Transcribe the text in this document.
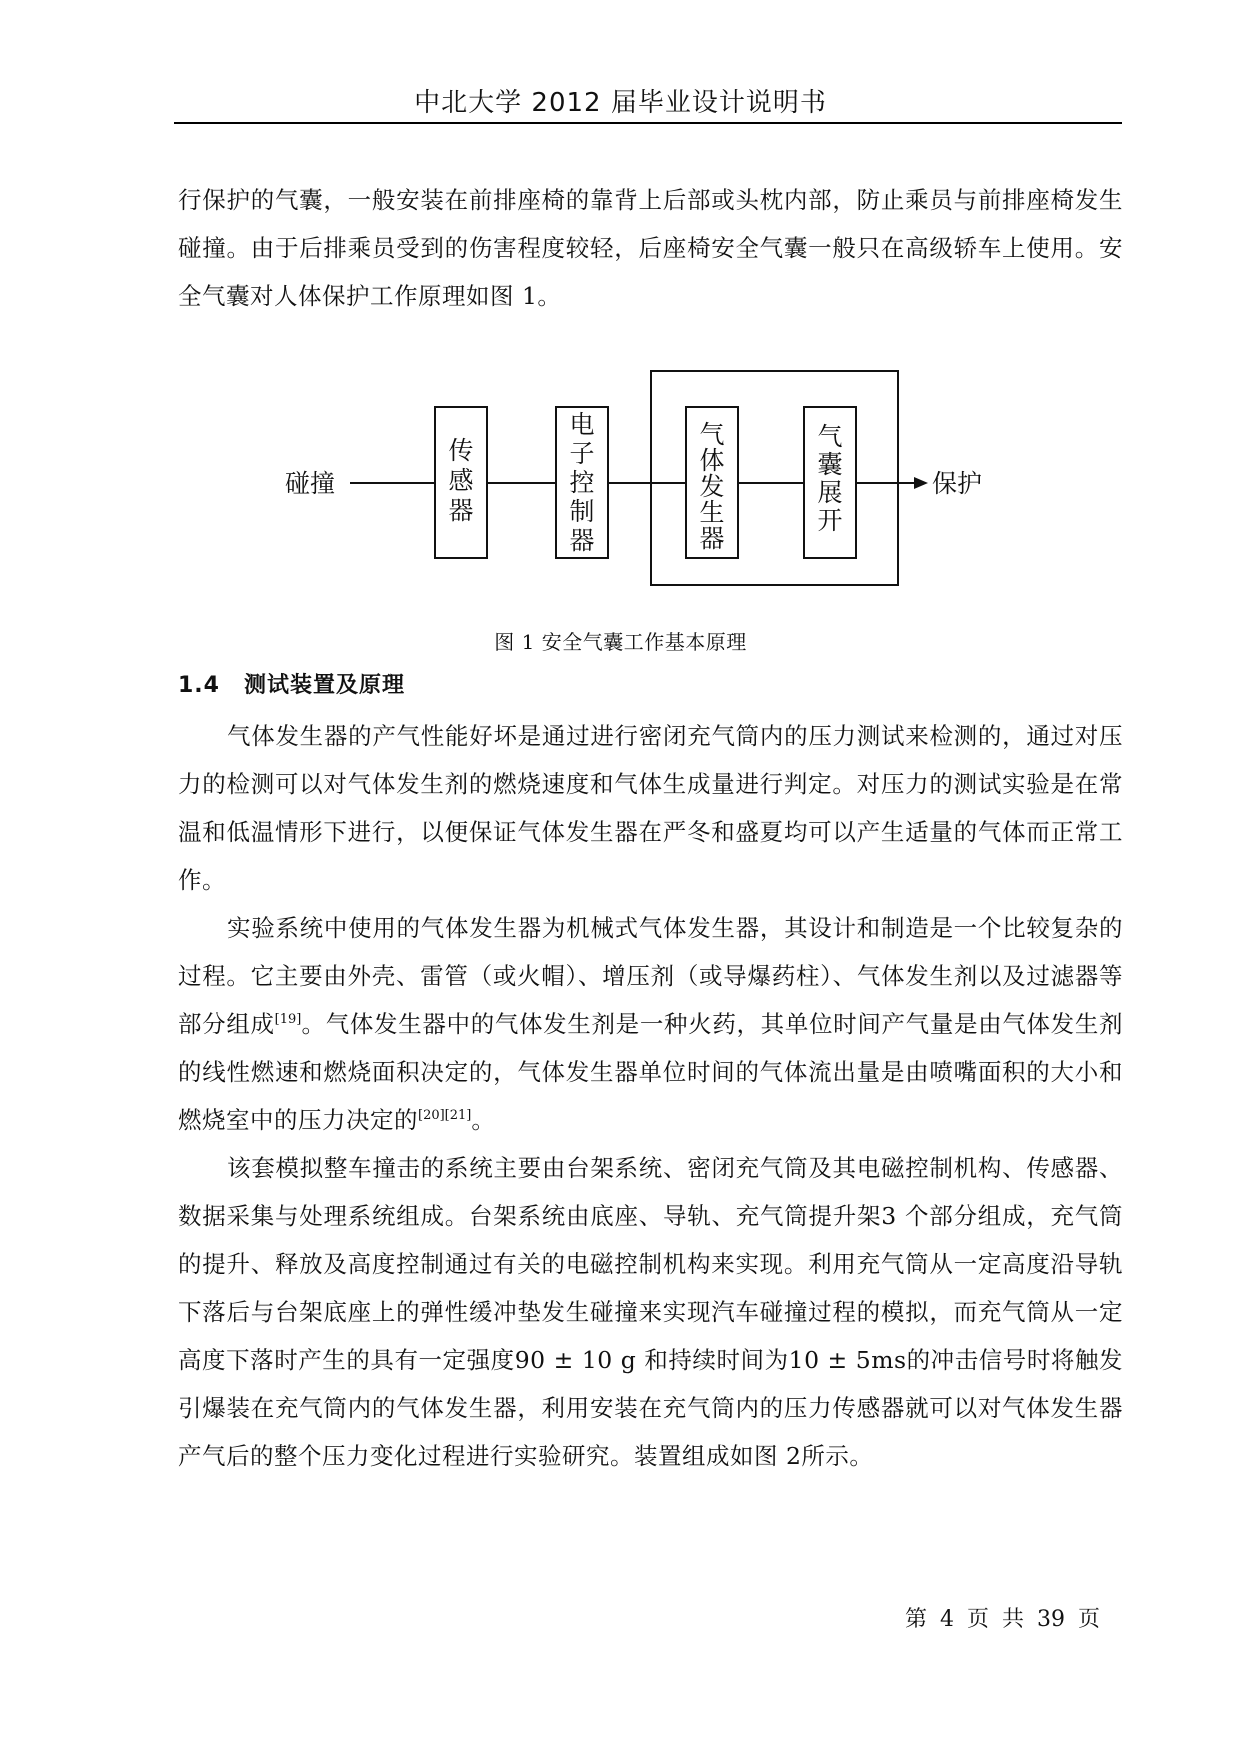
中北大学 2012 届毕业设计说明书
行保护的气囊，一般安装在前排座椅的靠背上后部或头枕内部，防止乘员与前排座椅发生碰撞。由于后排乘员受到的伤害程度较轻，后座椅安全气囊一般只在高级轿车上使用。安全气囊对人体保护工作原理如图 1。
碰撞	保护
传
感
器
电
子
控
制
器
气
体
发
生
器
气
囊
展
开
图 1 安全气囊工作基本原理
1.4 测试装置及原理
气体发生器的产气性能好坏是通过进行密闭充气筒内的压力测试来检测的，通过对压力的检测可以对气体发生剂的燃烧速度和气体生成量进行判定。对压力的测试实验是在常温和低温情形下进行，以便保证气体发生器在严冬和盛夏均可以产生适量的气体而正常工作。
实验系统中使用的气体发生器为机械式气体发生器，其设计和制造是一个比较复杂的过程。它主要由外壳、雷管（或火帽）、增压剂（或导爆药柱）、气体发生剂以及过滤器等部分组成[19]。气体发生器中的气体发生剂是一种火药，其单位时间产气量是由气体发生剂的线性燃速和燃烧面积决定的，气体发生器单位时间的气体流出量是由喷嘴面积的大小和燃烧室中的压力决定的[20][21]。
该套模拟整车撞击的系统主要由台架系统、密闭充气筒及其电磁控制机构、传感器、数据采集与处理系统组成。台架系统由底座、导轨、充气筒提升架3 个部分组成，充气筒的提升、释放及高度控制通过有关的电磁控制机构来实现。利用充气筒从一定高度沿导轨下落后与台架底座上的弹性缓冲垫发生碰撞来实现汽车碰撞过程的模拟，而充气筒从一定高度下落时产生的具有一定强度90 ± 10 g 和持续时间为10 ± 5ms的冲击信号时将触发引爆装在充气筒内的气体发生器，利用安装在充气筒内的压力传感器就可以对气体发生器产气后的整个压力变化过程进行实验研究。装置组成如图 2所示。
第 4 页 共 39 页
